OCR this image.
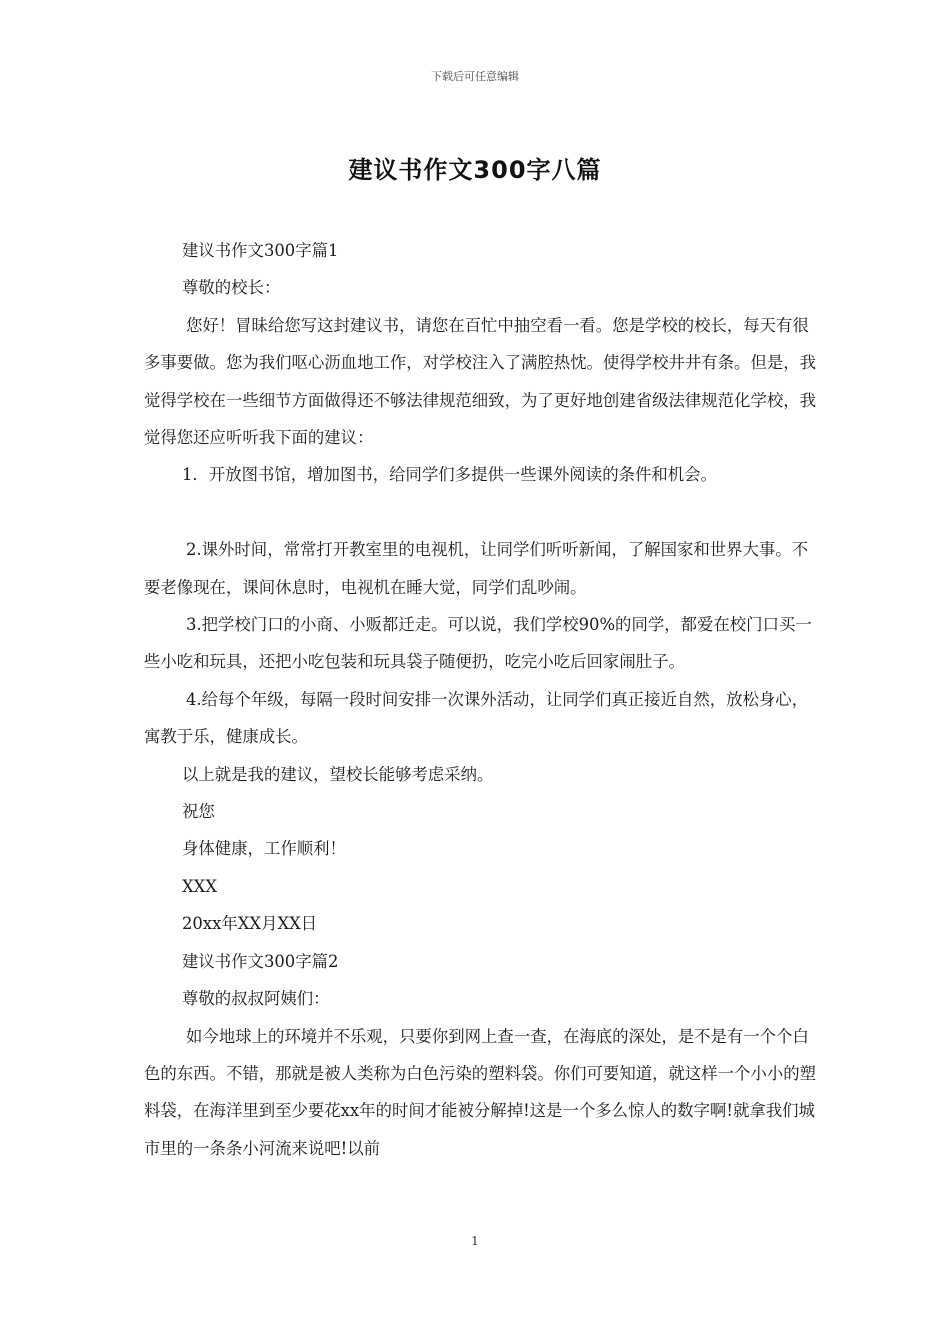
下载后可任意编辑
建议书作文300字八篇

建议书作文300字篇1

尊敬的校长：

您好！冒昧给您写这封建议书，请您在百忙中抽空看一看。您是学校的校长，每天有很多事要做。您为我们呕心沥血地工作，对学校注入了满腔热忱。使得学校井井有条。但是，我觉得学校在一些细节方面做得还不够法律规范细致，为了更好地创建省级法律规范化学校，我觉得您还应听听我下面的建议：

1．开放图书馆，增加图书，给同学们多提供一些课外阅读的条件和机会。

2.课外时间，常常打开教室里的电视机，让同学们听听新闻，了解国家和世界大事。不要老像现在，课间休息时，电视机在睡大觉，同学们乱吵闹。

3.把学校门口的小商、小贩都迁走。可以说，我们学校90%的同学，都爱在校门口买一些小吃和玩具，还把小吃包装和玩具袋子随便扔，吃完小吃后回家闹肚子。

4.给每个年级，每隔一段时间安排一次课外活动，让同学们真正接近自然，放松身心，寓教于乐，健康成长。

以上就是我的建议，望校长能够考虑采纳。

祝您

身体健康，工作顺利！

XXX

20xx年XX月XX日

建议书作文300字篇2

尊敬的叔叔阿姨们：

如今地球上的环境并不乐观，只要你到网上查一查，在海底的深处，是不是有一个个白色的东西。不错，那就是被人类称为白色污染的塑料袋。你们可要知道，就这样一个小小的塑料袋，在海洋里到至少要花xx年的时间才能被分解掉!这是一个多么惊人的数字啊!就拿我们城市里的一条条小河流来说吧!以前

1
